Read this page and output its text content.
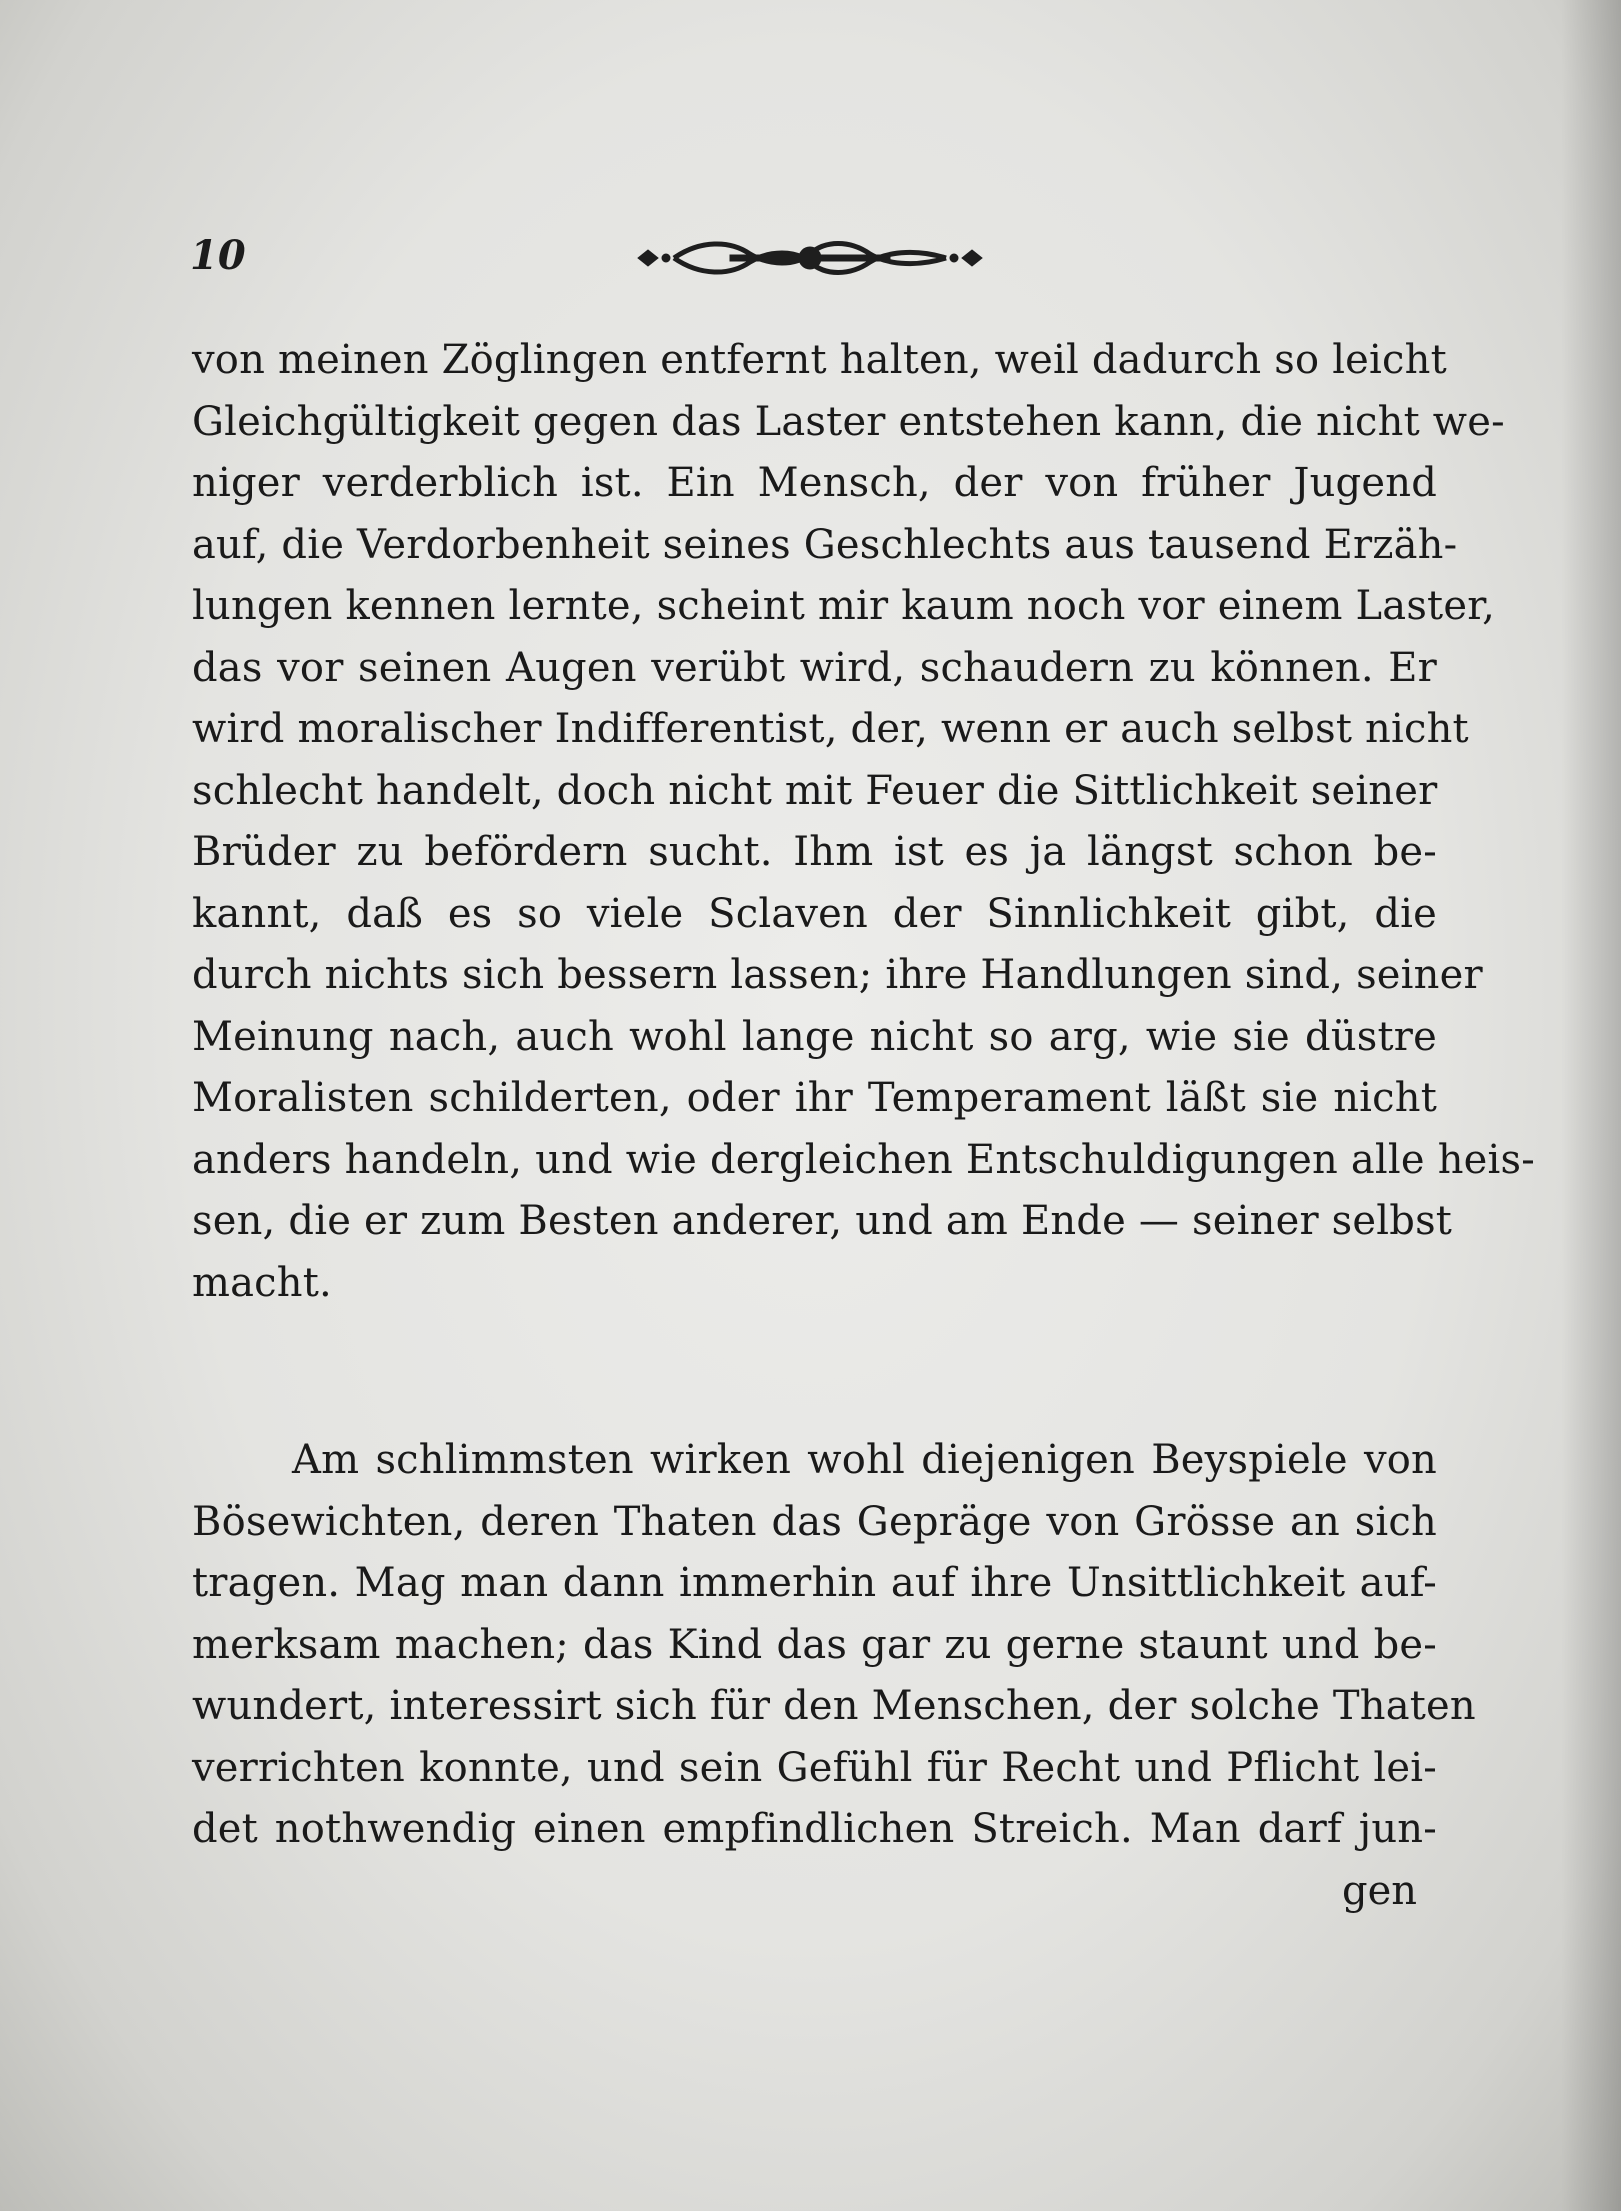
10
von meinen Zöglingen entfernt halten, weil dadurch so leicht
Gleichgültigkeit gegen das Laster entstehen kann, die nicht we-
niger verderblich ist. Ein Mensch, der von früher Jugend
auf, die Verdorbenheit seines Geschlechts aus tausend Erzäh-
lungen kennen lernte, scheint mir kaum noch vor einem Laster,
das vor seinen Augen verübt wird, schaudern zu können. Er
wird moralischer Indifferentist, der, wenn er auch selbst nicht
schlecht handelt, doch nicht mit Feuer die Sittlichkeit seiner
Brüder zu befördern sucht. Ihm ist es ja längst schon be-
kannt, daß es so viele Sclaven der Sinnlichkeit gibt, die
durch nichts sich bessern lassen; ihre Handlungen sind, seiner
Meinung nach, auch wohl lange nicht so arg, wie sie düstre
Moralisten schilderten, oder ihr Temperament läßt sie nicht
anders handeln, und wie dergleichen Entschuldigungen alle heis-
sen, die er zum Besten anderer, und am Ende — seiner selbst
macht.
Am schlimmsten wirken wohl diejenigen Beyspiele von
Bösewichten, deren Thaten das Gepräge von Grösse an sich
tragen. Mag man dann immerhin auf ihre Unsittlichkeit auf-
merksam machen; das Kind das gar zu gerne staunt und be-
wundert, interessirt sich für den Menschen, der solche Thaten
verrichten konnte, und sein Gefühl für Recht und Pflicht lei-
det nothwendig einen empfindlichen Streich. Man darf jun-
gen
